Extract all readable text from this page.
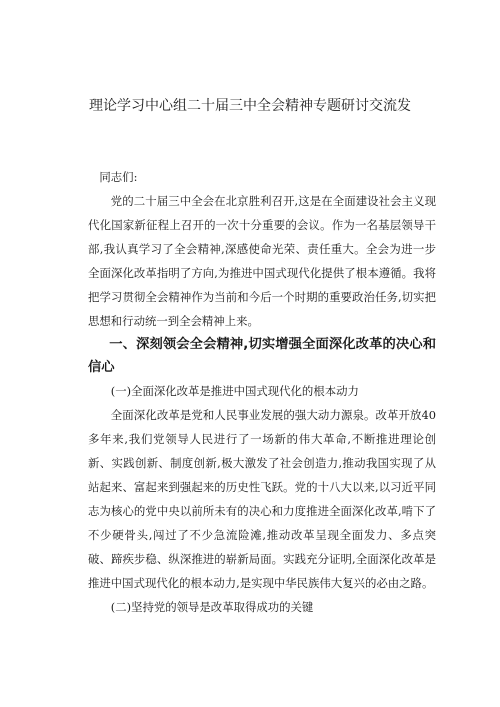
理论学习中心组二十届三中全会精神专题研讨交流发

同志们:

党的二十届三中全会在北京胜利召开,这是在全面建设社会主义现代化国家新征程上召开的一次十分重要的会议。作为一名基层领导干部,我认真学习了全会精神,深感使命光荣、责任重大。全会为进一步全面深化改革指明了方向,为推进中国式现代化提供了根本遵循。我将把学习贯彻全会精神作为当前和今后一个时期的重要政治任务,切实把思想和行动统一到全会精神上来。

一、深刻领会全会精神,切实增强全面深化改革的决心和信心

(一)全面深化改革是推进中国式现代化的根本动力

全面深化改革是党和人民事业发展的强大动力源泉。改革开放40多年来,我们党领导人民进行了一场新的伟大革命,不断推进理论创新、实践创新、制度创新,极大激发了社会创造力,推动我国实现了从站起来、富起来到强起来的历史性飞跃。党的十八大以来,以习近平同志为核心的党中央以前所未有的决心和力度推进全面深化改革,啃下了不少硬骨头,闯过了不少急流险滩,推动改革呈现全面发力、多点突破、蹄疾步稳、纵深推进的崭新局面。实践充分证明,全面深化改革是推进中国式现代化的根本动力,是实现中华民族伟大复兴的必由之路。

(二)坚持党的领导是改革取得成功的关键
